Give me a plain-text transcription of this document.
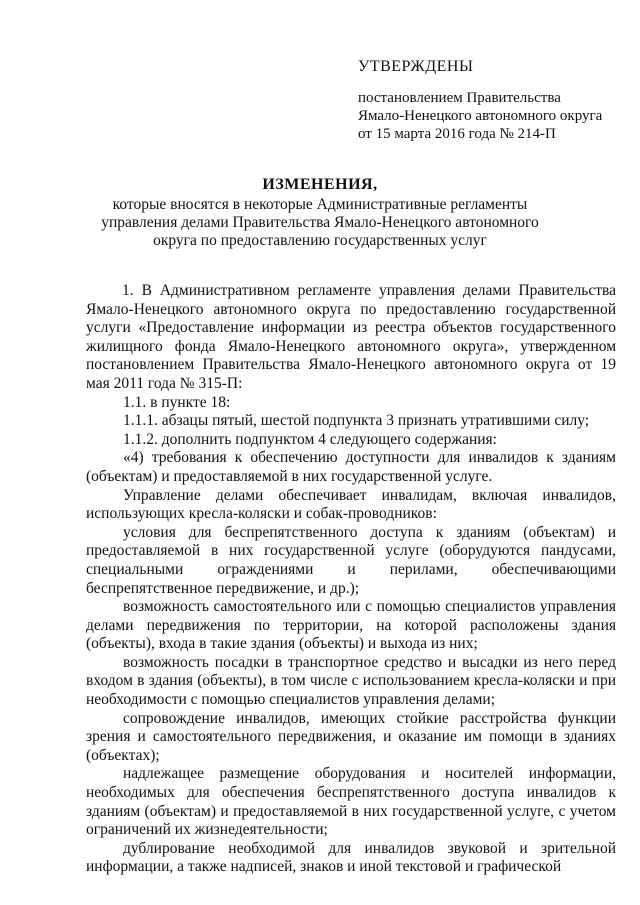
УТВЕРЖДЕНЫ
постановлением Правительства
Ямало-Ненецкого автономного округа
от 15 марта 2016 года № 214-П
ИЗМЕНЕНИЯ,
которые вносятся в некоторые Административные регламенты
управления делами Правительства Ямало-Ненецкого автономного
округа по предоставлению государственных услуг

1. В Административном регламенте управления делами Правительства Ямало-Ненецкого автономного округа по предоставлению государственной услуги «Предоставление информации из реестра объектов государственного жилищного фонда Ямало-Ненецкого автономного округа», утвержденном постановлением Правительства Ямало-Ненецкого автономного округа от 19 мая 2011 года № 315-П:

1.1. в пункте 18:

1.1.1. абзацы пятый, шестой подпункта 3 признать утратившими силу;

1.1.2. дополнить подпунктом 4 следующего содержания:

«4) требования к обеспечению доступности для инвалидов к зданиям (объектам) и предоставляемой в них государственной услуге.

Управление делами обеспечивает инвалидам, включая инвалидов, использующих кресла-коляски и собак-проводников:

условия для беспрепятственного доступа к зданиям (объектам) и предоставляемой в них государственной услуге (оборудуются пандусами, специальными ограждениями и перилами, обеспечивающими беспрепятственное передвижение, и др.);

возможность самостоятельного или с помощью специалистов управления делами передвижения по территории, на которой расположены здания (объекты), входа в такие здания (объекты) и выхода из них;

возможность посадки в транспортное средство и высадки из него перед входом в здания (объекты), в том числе с использованием кресла-коляски и при необходимости с помощью специалистов управления делами;

сопровождение инвалидов, имеющих стойкие расстройства функции зрения и самостоятельного передвижения, и оказание им помощи в зданиях (объектах);

надлежащее размещение оборудования и носителей информации, необходимых для обеспечения беспрепятственного доступа инвалидов к зданиям (объектам) и предоставляемой в них государственной услуге, с учетом ограничений их жизнедеятельности;

дублирование необходимой для инвалидов звуковой и зрительной информации, а также надписей, знаков и иной текстовой и графической
